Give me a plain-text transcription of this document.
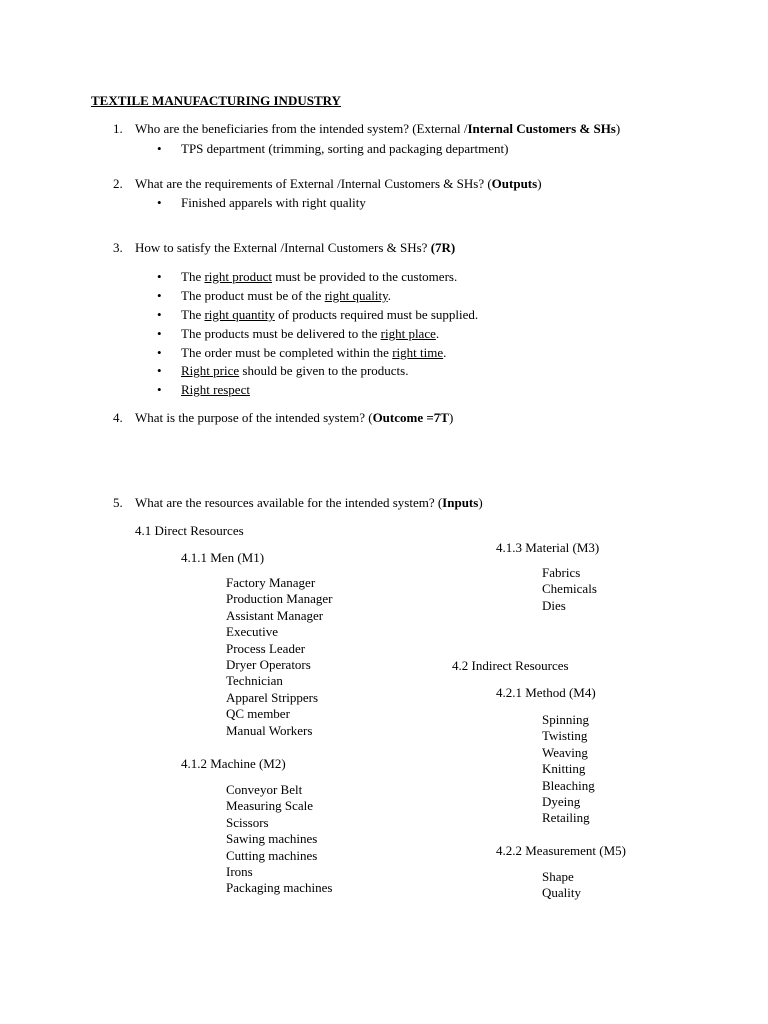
TEXTILE MANUFACTURING INDUSTRY
1. Who are the beneficiaries from the intended system? (External /Internal Customers & SHs)
• TPS department (trimming, sorting and packaging department)
2. What are the requirements of External /Internal Customers & SHs? (Outputs)
• Finished apparels with right quality
3. How to satisfy the External /Internal Customers & SHs? (7R)
• The right product must be provided to the customers.
• The product must be of the right quality.
• The right quantity of products required must be supplied.
• The products must be delivered to the right place.
• The order must be completed within the right time.
• Right price should be given to the products.
• Right respect
4. What is the purpose of the intended system? (Outcome =7T)
5. What are the resources available for the intended system? (Inputs)
4.1 Direct Resources
4.1.1 Men (M1)
Factory Manager
Production Manager
Assistant Manager
Executive
Process Leader
Dryer Operators
Technician
Apparel Strippers
QC member
Manual Workers
4.1.2 Machine (M2)
Conveyor Belt
Measuring Scale
Scissors
Sawing machines
Cutting machines
Irons
Packaging machines
4.1.3 Material (M3)
Fabrics
Chemicals
Dies
4.2 Indirect Resources
4.2.1 Method (M4)
Spinning
Twisting
Weaving
Knitting
Bleaching
Dyeing
Retailing
4.2.2 Measurement (M5)
Shape
Quality
